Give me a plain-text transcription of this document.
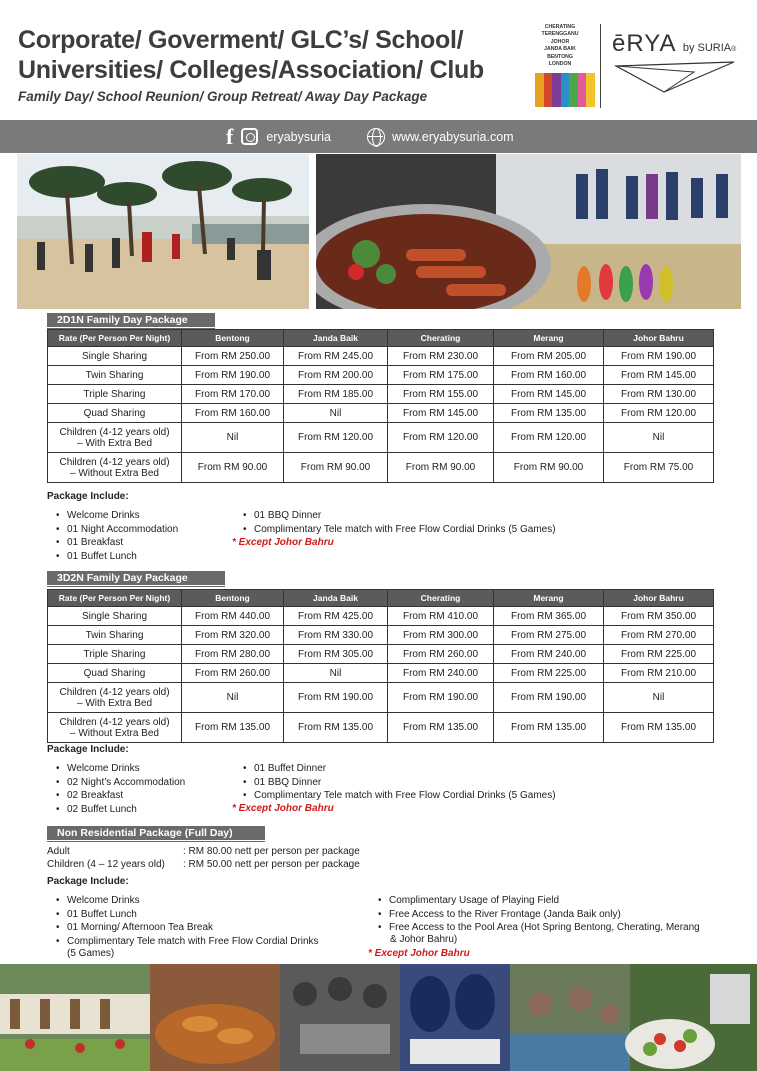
Corporate/ Goverment/ GLC’s/ School/
Universities/ Colleges/Association/ Club
Family Day/ School Reunion/ Group Retreat/ Away Day Package
CHERATING
TERENGGANU
JOHOR
JANDA BAIK
BENTONG
LONDON
ēRYA by SURIA®
f	eryabysuria	www.eryabysuria.com
2D1N Family Day Package
Rate (Per Person Per Night)	Bentong	Janda Baik	Cherating	Merang	Johor Bahru
Single Sharing	From RM 250.00	From RM 245.00	From RM 230.00	From RM 205.00	From RM 190.00
Twin Sharing	From RM 190.00	From RM 200.00	From RM 175.00	From RM 160.00	From RM 145.00
Triple Sharing	From RM 170.00	From RM 185.00	From RM 155.00	From RM 145.00	From RM 130.00
Quad Sharing	From RM 160.00	Nil	From RM 145.00	From RM 135.00	From RM 120.00

Children (4-12 years old)
– With Extra Bed	Nil	From RM 120.00	From RM 120.00	From RM 120.00	Nil

Children (4-12 years old)
– Without Extra Bed	From RM 90.00	From RM 90.00	From RM 90.00	From RM 90.00	From RM 75.00
Package Include:
• Welcome Drinks
• 01 Night Accommodation
• 01 Breakfast
• 01 Buffet Lunch
• 01 BBQ Dinner
• Complimentary Tele match with Free Flow Cordial Drinks (5 Games)
* Except Johor Bahru
3D2N Family Day Package
Rate (Per Person Per Night)	Bentong	Janda Baik	Cherating	Merang	Johor Bahru
Single Sharing	From RM 440.00	From RM 425.00	From RM 410.00	From RM 365.00	From RM 350.00
Twin Sharing	From RM 320.00	From RM 330.00	From RM 300.00	From RM 275.00	From RM 270.00
Triple Sharing	From RM 280.00	From RM 305.00	From RM 260.00	From RM 240.00	From RM 225.00
Quad Sharing	From RM 260.00	Nil	From RM 240.00	From RM 225.00	From RM 210.00

Children (4-12 years old)
– With Extra Bed	Nil	From RM 190.00	From RM 190.00	From RM 190.00	Nil

Children (4-12 years old)
– Without Extra Bed	From RM 135.00	From RM 135.00	From RM 135.00	From RM 135.00	From RM 135.00
Package Include:
• Welcome Drinks
• 02 Night’s Accommodation
• 02 Breakfast
• 02 Buffet Lunch
• 01 Buffet Dinner
• 01 BBQ Dinner
• Complimentary Tele match with Free Flow Cordial Drinks (5 Games)
* Except Johor Bahru
Non Residential Package (Full Day)
Adult	: RM 80.00 nett per person per package
Children (4 – 12 years old) : RM 50.00 nett per person per package
Package Include:
• Welcome Drinks
• 01 Buffet Lunch
• 01 Morning/ Afternoon Tea Break
• Complimentary Tele match with Free Flow Cordial Drinks
(5 Games)
• Complimentary Usage of Playing Field
• Free Access to the River Frontage (Janda Baik only)
• Free Access to the Pool Area (Hot Spring Bentong, Cherating, Merang
& Johor Bahru)
* Except Johor Bahru
